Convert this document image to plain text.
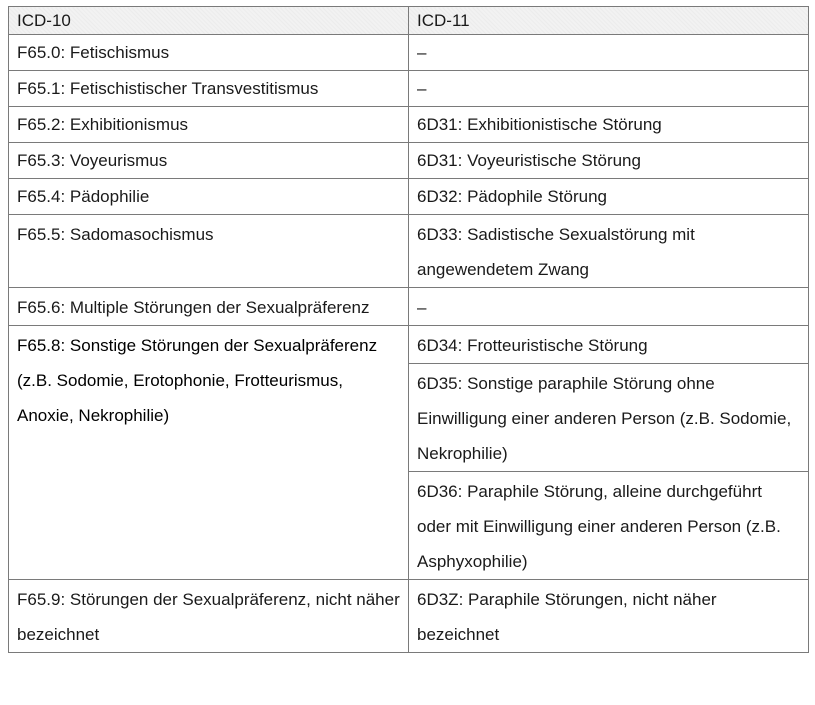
ICD-10	ICD-11
F65.0: Fetischismus	–
F65.1: Fetischistischer Transvestitismus	–
F65.2: Exhibitionismus	6D31: Exhibitionistische Störung
F65.3: Voyeurismus	6D31: Voyeuristische Störung
F65.4: Pädophilie	6D32: Pädophile Störung
F65.5: Sadomasochismus	6D33: Sadistische Sexualstörung mit angewendetem Zwang
F65.6: Multiple Störungen der Sexualpräferenz	–
F65.8: Sonstige Störungen der Sexualpräferenz (z.B. Sodomie, Erotophonie, Frotteurismus, Anoxie, Nekrophilie)	6D34: Frotteuristische Störung
	6D35: Sonstige paraphile Störung ohne Einwilligung einer anderen Person (z.B. Sodomie, Nekrophilie)
	6D36: Paraphile Störung, alleine durchgeführt oder mit Einwilligung einer anderen Person (z.B. Asphyxophilie)
F65.9: Störungen der Sexualpräferenz, nicht näher bezeichnet	6D3Z: Paraphile Störungen, nicht näher bezeichnet
